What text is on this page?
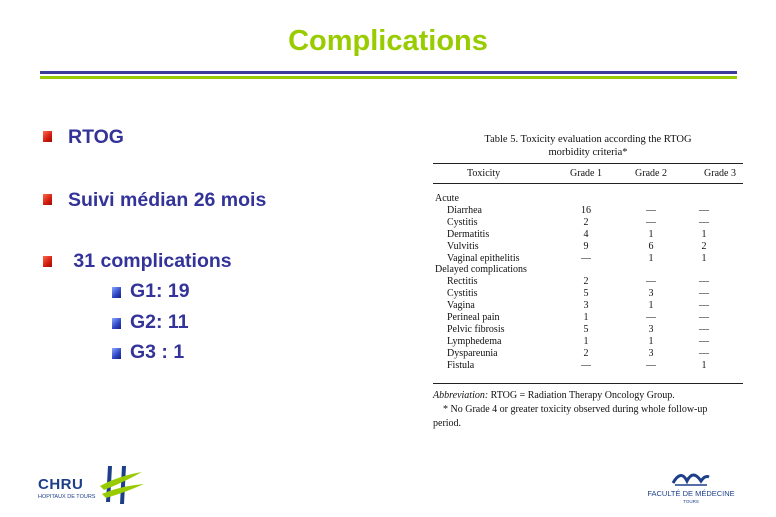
Complications
RTOG
Suivi médian 26 mois
31 complications
G1: 19
G2: 11
G3 : 1
Table 5. Toxicity evaluation according the RTOG
morbidity criteria*
Toxicity	Grade 1	Grade 2	Grade 3
Acute
Diarrhea	16	—	—
Cystitis	2	—	—
Dermatitis	4	1	1
Vulvitis	9	6	2
Vaginal epithelitis	—	1	1
Delayed complications
Rectitis	2	—	—
Cystitis	5	3	—
Vagina	3	1	—
Perineal pain	1	—	—
Pelvic fibrosis	5	3	—
Lymphedema	1	1	—
Dyspareunia	2	3	—
Fistula	—	—	1
Abbreviation: RTOG = Radiation Therapy Oncology Group.
* No Grade 4 or greater toxicity observed during whole follow-up
period.
CHRU
HOPITAUX DE TOURS	FACULTÉ DE MÉDECINE
TOURS
